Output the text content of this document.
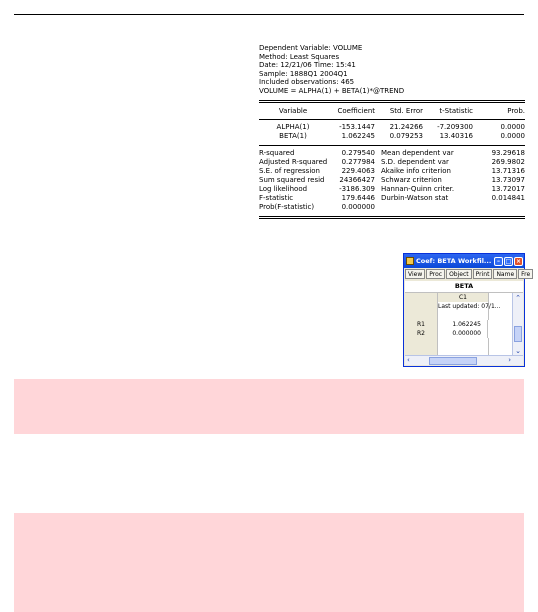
Dependent Variable: VOLUME
Method: Least Squares
Date: 12/21/06 Time: 15:41
Sample: 1888Q1 2004Q1
Included observations: 465
VOLUME = ALPHA(1) + BETA(1)*@TREND
Variable	Coefficient	Std. Error	t-Statistic	Prob.
ALPHA(1)	-153.1447	21.24266	-7.209300	0.0000
BETA(1)	1.062245	0.079253	13.40316	0.0000
R-squared	0.279540 Mean dependent var	93.29618
Adjusted R-squared	0.277984 S.D. dependent var	269.9802
S.E. of regression	229.4063 Akaike info criterion	13.71316
Sum squared resid	24366427 Schwarz criterion	13.73097
Log likelihood	-3186.309 Hannan-Quinn criter.	13.72017
F-statistic	179.6446 Durbin-Watson stat	0.014841
Prob(F-statistic)	0.000000
Coef: BETA Workfil... – □ ×
View	Proc	Object	Print	Name	Fre
BETA
C1
Last updated: 07/1...
R1	1.062245
R2	0.000000
⌃
⌄
‹	›
